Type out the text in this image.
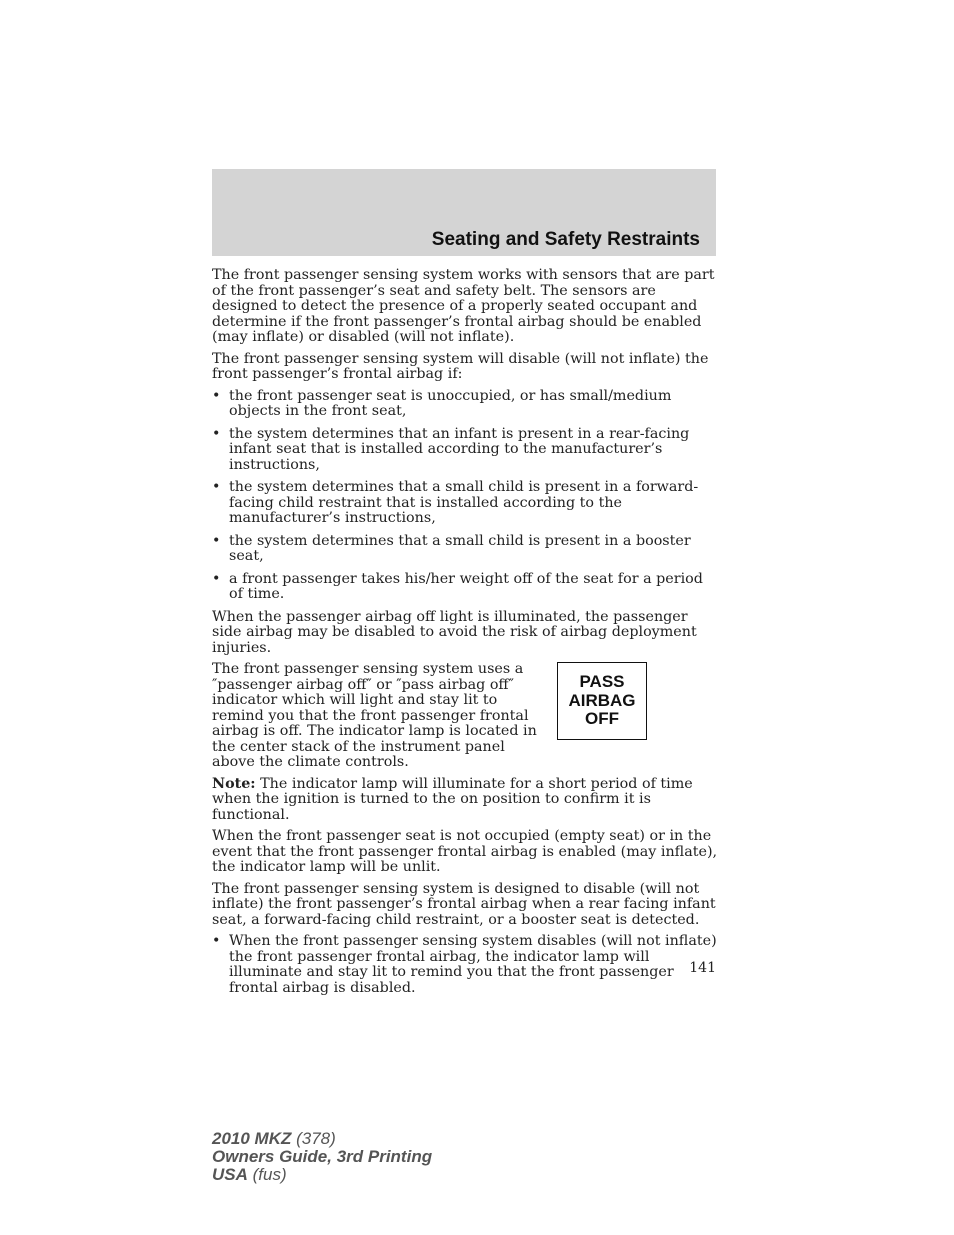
Seating and Safety Restraints

The front passenger sensing system works with sensors that are part of the front passenger’s seat and safety belt. The sensors are designed to detect the presence of a properly seated occupant and determine if the front passenger’s frontal airbag should be enabled (may inflate) or disabled (will not inflate).

The front passenger sensing system will disable (will not inflate) the front passenger’s frontal airbag if:

• the front passenger seat is unoccupied, or has small/medium objects in the front seat,
• the system determines that an infant is present in a rear-facing infant seat that is installed according to the manufacturer’s instructions,
• the system determines that a small child is present in a forward-facing child restraint that is installed according to the manufacturer’s instructions,
• the system determines that a small child is present in a booster seat,
• a front passenger takes his/her weight off of the seat for a period of time.

When the passenger airbag off light is illuminated, the passenger side airbag may be disabled to avoid the risk of airbag deployment injuries.

PASS
AIRBAG
OFF

The front passenger sensing system uses a ″passenger airbag off″ or ″pass airbag off″ indicator which will light and stay lit to remind you that the front passenger frontal airbag is off. The indicator lamp is located in the center stack of the instrument panel above the climate controls.

Note: The indicator lamp will illuminate for a short period of time when the ignition is turned to the on position to confirm it is functional.

When the front passenger seat is not occupied (empty seat) or in the event that the front passenger frontal airbag is enabled (may inflate), the indicator lamp will be unlit.

The front passenger sensing system is designed to disable (will not inflate) the front passenger’s frontal airbag when a rear facing infant seat, a forward-facing child restraint, or a booster seat is detected.

• When the front passenger sensing system disables (will not inflate) the front passenger frontal airbag, the indicator lamp will illuminate and stay lit to remind you that the front passenger frontal airbag is disabled.
141
2010 MKZ (378)
Owners Guide, 3rd Printing
USA (fus)
